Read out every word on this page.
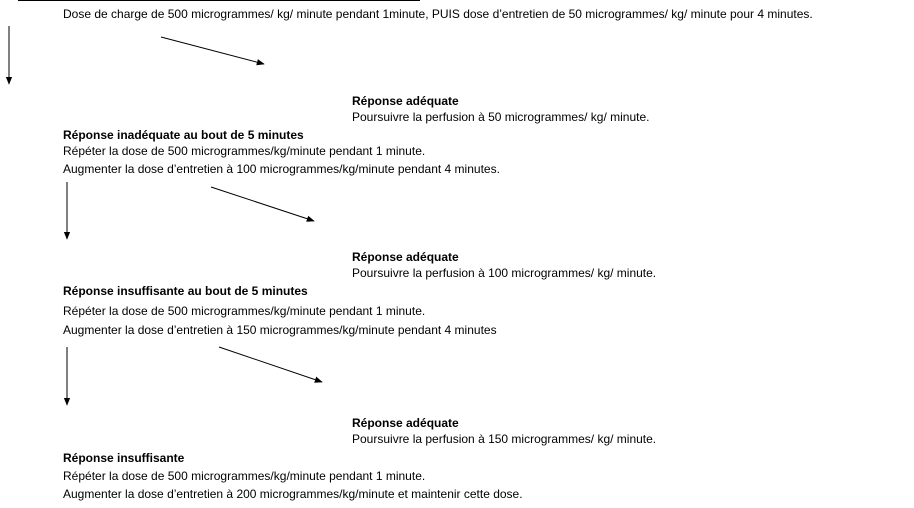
Dose de charge de 500 microgrammes/ kg/ minute pendant 1minute, PUIS dose d’entretien de 50 microgrammes/ kg/ minute pour 4 minutes.
Réponse adéquate
Poursuivre la perfusion à 50 microgrammes/ kg/ minute.
Réponse inadéquate au bout de 5 minutes
Répéter la dose de 500 microgrammes/kg/minute pendant 1 minute.
Augmenter la dose d’entretien à 100 microgrammes/kg/minute pendant 4 minutes.
Réponse adéquate
Poursuivre la perfusion à 100 microgrammes/ kg/ minute.
Réponse insuffisante au bout de 5 minutes
Répéter la dose de 500 microgrammes/kg/minute pendant 1 minute.
Augmenter la dose d’entretien à 150 microgrammes/kg/minute pendant 4 minutes
Réponse adéquate
Poursuivre la perfusion à 150 microgrammes/ kg/ minute.
Réponse insuffisante
Répéter la dose de 500 microgrammes/kg/minute pendant 1 minute.
Augmenter la dose d’entretien à 200 microgrammes/kg/minute et maintenir cette dose.
